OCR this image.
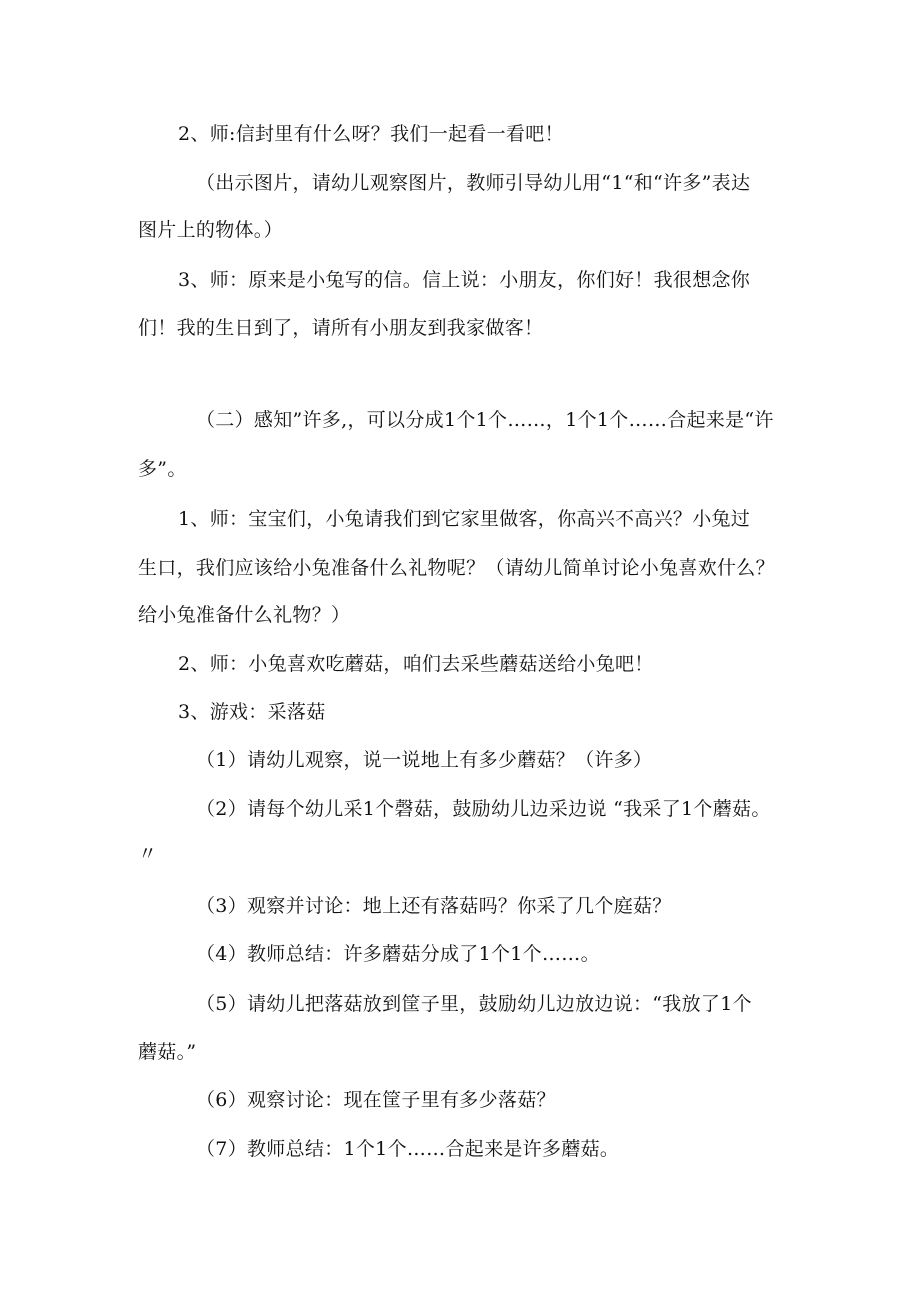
2、师:信封里有什么呀？我们一起看一看吧！
（出示图片，请幼儿观察图片，教师引导幼儿用“1“和“许多”表达
图片上的物体。）
3、师：原来是小兔写的信。信上说：小朋友，你们好！我很想念你
们！我的生日到了，请所有小朋友到我家做客！
（二）感知”许多,，可以分成1个1个……，1个1个……合起来是“许
多”。
1、师：宝宝们，小兔请我们到它家里做客，你高兴不高兴？小兔过
生口，我们应该给小兔准备什么礼物呢？（请幼儿简单讨论小兔喜欢什么？
给小兔准备什么礼物？）
2、师：小兔喜欢吃蘑菇，咱们去采些蘑菇送给小兔吧！
3、游戏：采落菇
（1）请幼儿观察，说一说地上有多少蘑菇？（许多）
（2）请每个幼儿采1个磬菇，鼓励幼儿边采边说 “我采了1个蘑菇。
〃
（3）观察并讨论：地上还有落菇吗？你采了几个庭菇？
（4）教师总结：许多蘑菇分成了1个1个……。
（5）请幼儿把落菇放到筐子里，鼓励幼儿边放边说：“我放了1个
蘑菇。”
（6）观察讨论：现在筐子里有多少落菇？
（7）教师总结：1个1个……合起来是许多蘑菇。
